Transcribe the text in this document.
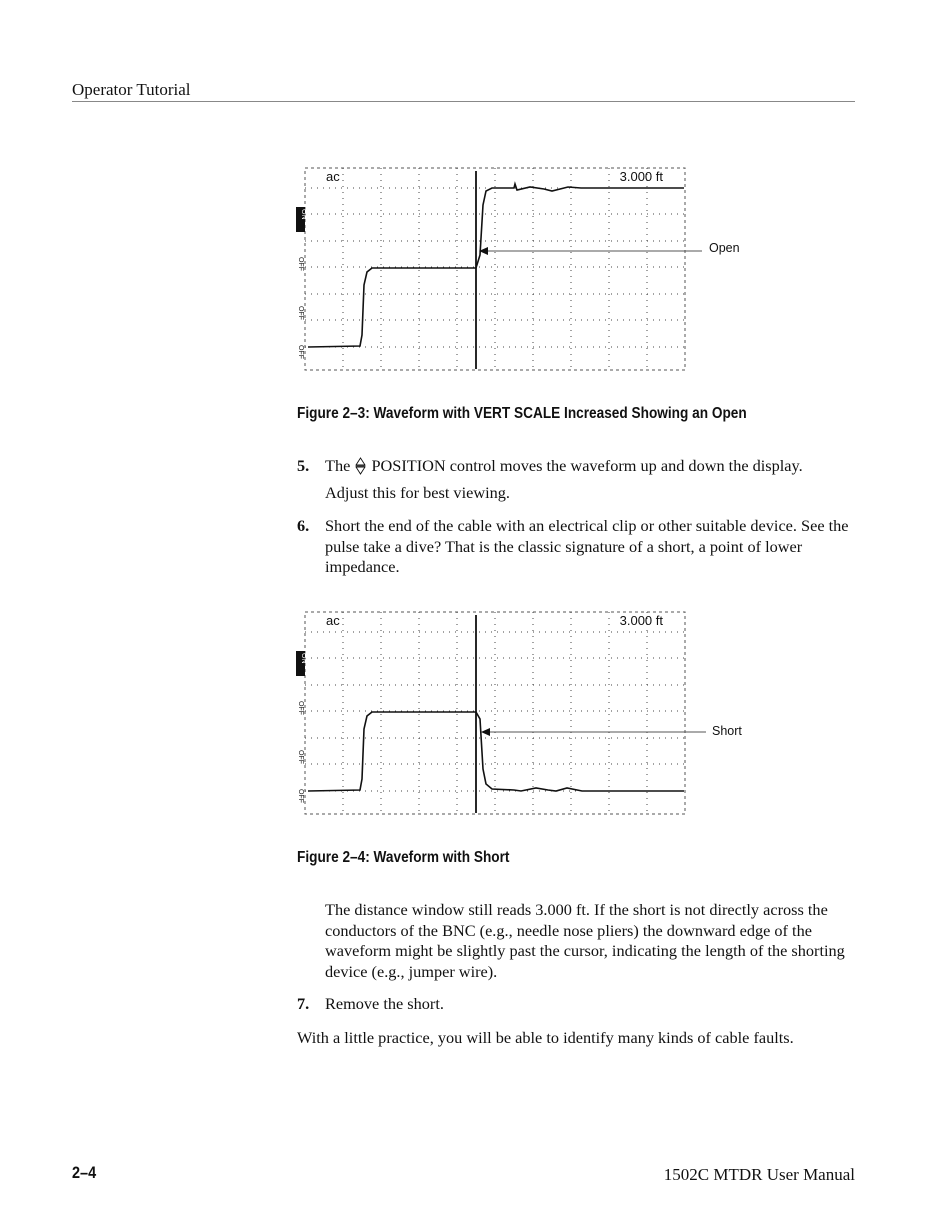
Operator Tutorial
ac	3.000 ft
ON
OFF
OFF
OFF
Open
Figure 2–3: Waveform with VERT SCALE Increased Showing an Open
5. The POSITION control moves the waveform up and down the display.
Adjust this for best viewing.
6. Short the end of the cable with an electrical clip or other suitable device. See the pulse take a dive? That is the classic signature of a short, a point of lower impedance.
ac	3.000 ft
ON
OFF
OFF
OFF
Short
Figure 2–4: Waveform with Short
The distance window still reads 3.000 ft. If the short is not directly across the conductors of the BNC (e.g., needle nose pliers) the downward edge of the waveform might be slightly past the cursor, indicating the length of the shorting device (e.g., jumper wire).
7. Remove the short.
With a little practice, you will be able to identify many kinds of cable faults.
2–4	1502C MTDR User Manual
